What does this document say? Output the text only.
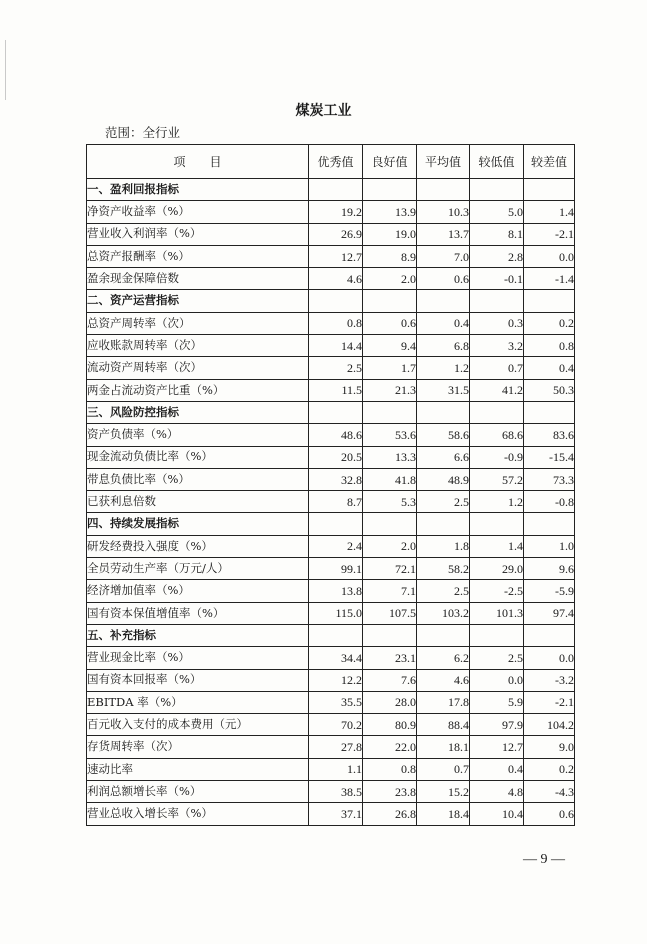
煤炭工业
范围：全行业
项　　目	优秀值	良好值	平均值	较低值	较差值
一、盈利回报指标					
净资产收益率（%）	19.2	13.9	10.3	5.0	1.4
营业收入利润率（%）	26.9	19.0	13.7	8.1	-2.1
总资产报酬率（%）	12.7	8.9	7.0	2.8	0.0
盈余现金保障倍数	4.6	2.0	0.6	-0.1	-1.4
二、资产运营指标					
总资产周转率（次）	0.8	0.6	0.4	0.3	0.2
应收账款周转率（次）	14.4	9.4	6.8	3.2	0.8
流动资产周转率（次）	2.5	1.7	1.2	0.7	0.4
两金占流动资产比重（%）	11.5	21.3	31.5	41.2	50.3
三、风险防控指标					
资产负债率（%）	48.6	53.6	58.6	68.6	83.6
现金流动负债比率（%）	20.5	13.3	6.6	-0.9	-15.4
带息负债比率（%）	32.8	41.8	48.9	57.2	73.3
已获利息倍数	8.7	5.3	2.5	1.2	-0.8
四、持续发展指标					
研发经费投入强度（%）	2.4	2.0	1.8	1.4	1.0
全员劳动生产率（万元/人）	99.1	72.1	58.2	29.0	9.6
经济增加值率（%）	13.8	7.1	2.5	-2.5	-5.9
国有资本保值增值率（%）	115.0	107.5	103.2	101.3	97.4
五、补充指标					
营业现金比率（%）	34.4	23.1	6.2	2.5	0.0
国有资本回报率（%）	12.2	7.6	4.6	0.0	-3.2
EBITDA 率（%）	35.5	28.0	17.8	5.9	-2.1
百元收入支付的成本费用（元）	70.2	80.9	88.4	97.9	104.2
存货周转率（次）	27.8	22.0	18.1	12.7	9.0
速动比率	1.1	0.8	0.7	0.4	0.2
利润总额增长率（%）	38.5	23.8	15.2	4.8	-4.3
营业总收入增长率（%）	37.1	26.8	18.4	10.4	0.6
— 9 —
